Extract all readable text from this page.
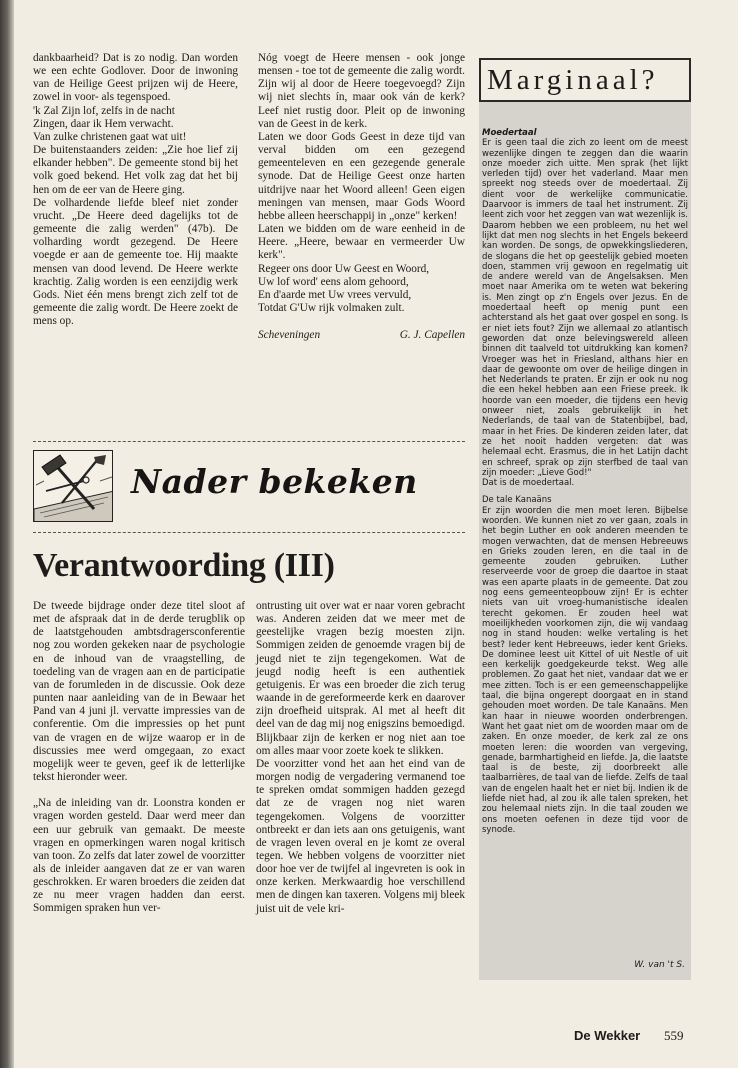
dankbaarheid? Dat is zo nodig. Dan worden we een echte Godlover. Door de inwoning van de Heilige Geest prijzen wij de Heere, zowel in voor- als tegenspoed.

'k Zal Zijn lof, zelfs in de nacht

Zingen, daar ik Hem verwacht.

Van zulke christenen gaat wat uit!

De buitenstaanders zeiden: „Zie hoe lief zij elkander hebben". De gemeente stond bij het volk goed bekend. Het volk zag dat het bij hen om de eer van de Heere ging.

De volhardende liefde bleef niet zonder vrucht. „De Heere deed dagelijks tot de gemeente die zalig werden" (47b). De volharding wordt gezegend. De Heere voegde er aan de gemeente toe. Hij maakte mensen van dood levend. De Heere werkte krachtig. Zalig worden is een eenzijdig werk Gods. Niet één mens brengt zich zelf tot de gemeente die zalig wordt. De Heere zoekt de mens op.

Nóg voegt de Heere mensen - ook jonge mensen - toe tot de gemeente die zalig wordt. Zijn wij al door de Heere toegevoegd? Zijn wij niet slechts ín, maar ook ván de kerk? Leef niet rustig door. Pleit op de inwoning van de Geest in de kerk.

Laten we door Gods Geest in deze tijd van verval bidden om een gezegend gemeenteleven en een gezegende generale synode. Dat de Heilige Geest onze harten uitdrijve naar het Woord alleen! Geen eigen meningen van mensen, maar Gods Woord hebbe alleen heerschappij in „onze" kerken!

Laten we bidden om de ware eenheid in de Heere. „Heere, bewaar en vermeerder Uw kerk".

Regeer ons door Uw Geest en Woord,

Uw lof word' eens alom gehoord,

En d'aarde met Uw vrees vervuld,

Totdat G'Uw rijk volmaken zult.

Scheveningen	G. J. Capellen
Nader bekeken
Verantwoording (III)

De tweede bijdrage onder deze titel sloot af met de afspraak dat in de derde terugblik op de laatstgehouden ambtsdragersconferentie nog zou worden gekeken naar de psychologie en de inhoud van de vraagstelling, de toedeling van de vragen aan en de participatie van de forumleden in de discussie. Ook deze punten naar aanleiding van de in Bewaar het Pand van 4 juni jl. vervatte impressies van de conferentie. Om die impressies op het punt van de vragen en de wijze waarop er in de discussies mee werd omgegaan, zo exact mogelijk weer te geven, geef ik de letterlijke tekst hieronder weer.

„Na de inleiding van dr. Loonstra konden er vragen worden gesteld. Daar werd meer dan een uur gebruik van gemaakt. De meeste vragen en opmerkingen waren nogal kritisch van toon. Zo zelfs dat later zowel de voorzitter als de inleider aangaven dat ze er van waren geschrokken. Er waren broeders die zeiden dat ze nu meer vragen hadden dan eerst. Sommigen spraken hun ver-

ontrusting uit over wat er naar voren gebracht was. Anderen zeiden dat we meer met de geestelijke vragen bezig moesten zijn. Sommigen zeiden de genoemde vragen bij de jeugd niet te zijn tegengekomen. Wat de jeugd nodig heeft is een authentiek getuigenis. Er was een broeder die zich terug waande in de gereformeerde kerk en daarover zijn droefheid uitsprak. Al met al heeft dit deel van de dag mij nog enigszins bemoedigd. Blijkbaar zijn de kerken er nog niet aan toe om alles maar voor zoete koek te slikken.

De voorzitter vond het aan het eind van de morgen nodig de vergadering vermanend toe te spreken omdat sommigen hadden gezegd dat ze de vragen nog niet waren tegengekomen. Volgens de voorzitter ontbreekt er dan iets aan ons getuigenis, want de vragen leven overal en je komt ze overal tegen. We hebben volgens de voorzitter niet door hoe ver de twijfel al ingevreten is ook in onze kerken. Merkwaardig hoe verschillend men de dingen kan taxeren. Volgens mij bleek juist uit de vele kri-

Marginaal?

Moedertaal

Er is geen taal die zich zo leent om de meest wezenlijke dingen te zeggen dan die waarin onze moeder zich uitte. Men sprak (het lijkt verleden tijd) over het vaderland. Maar men spreekt nog steeds over de moedertaal. Zij dient voor de werkelijke communicatie. Daarvoor is immers de taal het instrument. Zij leent zich voor het zeggen van wat wezenlijk is. Daarom hebben we een probleem, nu het wel lijkt dat men nog slechts in het Engels bekeerd kan worden. De songs, de opwekkingsliederen, de slogans die het op geestelijk gebied moeten doen, stammen vrij gewoon en regelmatig uit de andere wereld van de Angelsaksen. Men moet naar Amerika om te weten wat bekering is. Men zingt op z'n Engels over Jezus. En de moedertaal heeft op menig punt een achterstand als het gaat over gospel en song. Is er niet iets fout? Zijn we allemaal zo atlantisch geworden dat onze belevingswereld alleen binnen dit taalveld tot uitdrukking kan komen? Vroeger was het in Friesland, althans hier en daar de gewoonte om over de heilige dingen in het Nederlands te praten. Er zijn er ook nu nog die een hekel hebben aan een Friese preek. Ik hoorde van een moeder, die tijdens een hevig onweer niet, zoals gebruikelijk in het Nederlands, de taal van de Statenbijbel, bad, maar in het Fries. De kinderen zeiden later, dat ze het nooit hadden vergeten: dat was helemaal echt. Erasmus, die in het Latijn dacht en schreef, sprak op zijn sterfbed de taal van zijn moeder: „Lieve God!"

Dat is de moedertaal.

De tale Kanaäns

Er zijn woorden die men moet leren. Bijbelse woorden. We kunnen niet zo ver gaan, zoals in het begin Luther en ook anderen meenden te mogen verwachten, dat de mensen Hebreeuws en Grieks zouden leren, en die taal in de gemeente zouden gebruiken. Luther reserveerde voor de groep die daartoe in staat was een aparte plaats in de gemeente. Dat zou nog eens gemeenteopbouw zijn! Er is echter niets van uit vroeg-humanistische idealen terecht gekomen. Er zouden heel wat moeilijkheden voorkomen zijn, die wij vandaag nog in stand houden: welke vertaling is het best? Ieder kent Hebreeuws, ieder kent Grieks. De dominee leest uit Kittel of uit Nestle of uit een kerkelijk goedgekeurde tekst. Weg alle problemen. Zo gaat het niet, vandaar dat we er mee zitten. Toch is er een gemeenschappelijke taal, die bijna ongerept doorgaat en in stand gehouden moet worden. De tale Kanaäns. Men kan haar in nieuwe woorden onderbrengen. Want het gaat niet om de woorden maar om de zaken. En onze moeder, de kerk zal ze ons moeten leren: die woorden van vergeving, genade, barmhartigheid en liefde. Ja, die laatste taal is de beste, zij doorbreekt alle taalbarrières, de taal van de liefde. Zelfs de taal van de engelen haalt het er niet bij. Indien ik de liefde niet had, al zou ik alle talen spreken, het zou helemaal niets zijn. In die taal zouden we ons moeten oefenen in deze tijd voor de synode.

W. van 't S.
De Wekker 559
